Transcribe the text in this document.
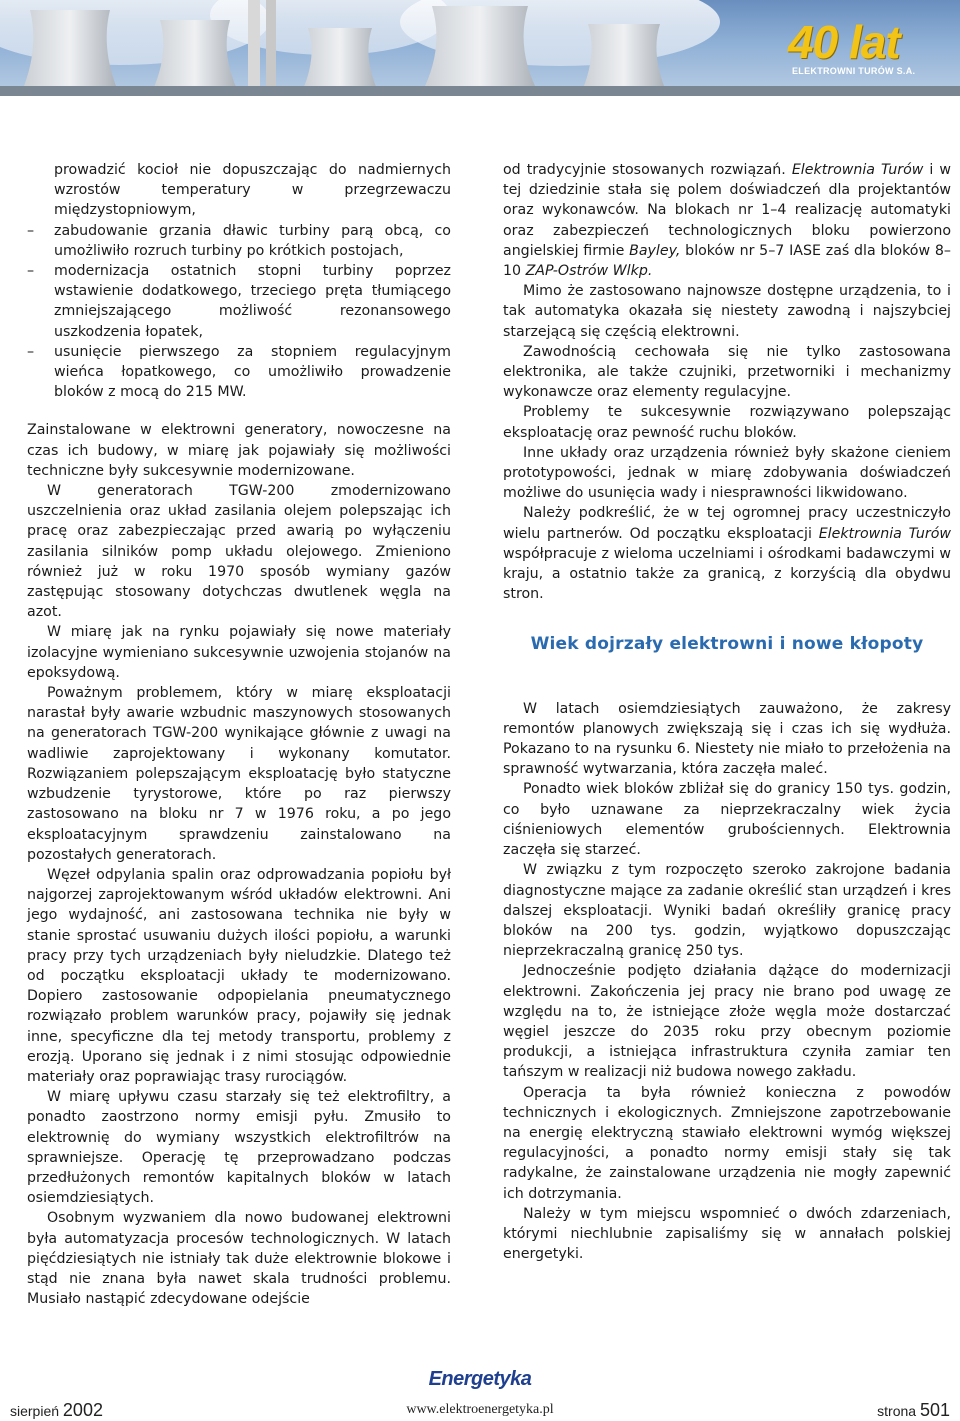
40 lat
ELEKTROWNI TURÓW S.A.
prowadzić kocioł nie dopuszczając do nadmiernych wzrostów temperatury w przegrzewaczu międzystopniowym,
– zabudowanie grzania dławic turbiny parą obcą, co umożliwiło rozruch turbiny po krótkich postojach,
– modernizacja ostatnich stopni turbiny poprzez wstawienie dodatkowego, trzeciego pręta tłumiącego zmniejszającego możliwość rezonansowego uszkodzenia łopatek,
– usunięcie pierwszego za stopniem regulacyjnym wieńca łopatkowego, co umożliwiło prowadzenie bloków z mocą do 215 MW.

Zainstalowane w elektrowni generatory, nowoczesne na czas ich budowy, w miarę jak pojawiały się możliwości techniczne były sukcesywnie modernizowane.

W generatorach TGW-200 zmodernizowano uszczelnienia oraz układ zasilania olejem polepszając ich pracę oraz zabezpieczając przed awarią po wyłączeniu zasilania silników pomp układu olejowego. Zmieniono również już w roku 1970 sposób wymiany gazów zastępując stosowany dotychczas dwutlenek węgla na azot.

W miarę jak na rynku pojawiały się nowe materiały izolacyjne wymieniano sukcesywnie uzwojenia stojanów na epoksydową.

Poważnym problemem, który w miarę eksploatacji narastał były awarie wzbudnic maszynowych stosowanych na generatorach TGW-200 wynikające głównie z uwagi na wadliwie zaprojektowany i wykonany komutator. Rozwiązaniem polepszającym eksploatację było statyczne wzbudzenie tyrystorowe, które po raz pierwszy zastosowano na bloku nr 7 w 1976 roku, a po jego eksploatacyjnym sprawdzeniu zainstalowano na pozostałych generatorach.

Węzeł odpylania spalin oraz odprowadzania popiołu był najgorzej zaprojektowanym wśród układów elektrowni. Ani jego wydajność, ani zastosowana technika nie były w stanie sprostać usuwaniu dużych ilości popiołu, a warunki pracy przy tych urządzeniach były nieludzkie. Dlatego też od początku eksploatacji układy te modernizowano. Dopiero zastosowanie odpopielania pneumatycznego rozwiązało problem warunków pracy, pojawiły się jednak inne, specyficzne dla tej metody transportu, problemy z erozją. Uporano się jednak i z nimi stosując odpowiednie materiały oraz poprawiając trasy rurociągów.

W miarę upływu czasu starzały się też elektrofiltry, a ponadto zaostrzono normy emisji pyłu. Zmusiło to elektrownię do wymiany wszystkich elektrofiltrów na sprawniejsze. Operację tę przeprowadzano podczas przedłużonych remontów kapitalnych bloków w latach osiemdziesiątych.

Osobnym wyzwaniem dla nowo budowanej elektrowni była automatyzacja procesów technologicznych. W latach pięćdziesiątych nie istniały tak duże elektrownie blokowe i stąd nie znana była nawet skala trudności problemu. Musiało nastąpić zdecydowane odejście

od tradycyjnie stosowanych rozwiązań. Elektrownia Turów i w tej dziedzinie stała się polem doświadczeń dla projektantów oraz wykonawców. Na blokach nr 1–4 realizację automatyki oraz zabezpieczeń technologicznych bloku powierzono angielskiej firmie Bayley, bloków nr 5–7 IASE zaś dla bloków 8–10 ZAP-Ostrów Wlkp.

Mimo że zastosowano najnowsze dostępne urządzenia, to i tak automatyka okazała się niestety zawodną i najszybciej starzejącą się częścią elektrowni.

Zawodnością cechowała się nie tylko zastosowana elektronika, ale także czujniki, przetworniki i mechanizmy wykonawcze oraz elementy regulacyjne.

Problemy te sukcesywnie rozwiązywano polepszając eksploatację oraz pewność ruchu bloków.

Inne układy oraz urządzenia również były skażone cieniem prototypowości, jednak w miarę zdobywania doświadczeń możliwe do usunięcia wady i niesprawności likwidowano.

Należy podkreślić, że w tej ogromnej pracy uczestniczyło wielu partnerów. Od początku eksploatacji Elektrownia Turów współpracuje z wieloma uczelniami i ośrodkami badawczymi w kraju, a ostatnio także za granicą, z korzyścią dla obydwu stron.

Wiek dojrzały elektrowni i nowe kłopoty

W latach osiemdziesiątych zauważono, że zakresy remontów planowych zwiększają się i czas ich się wydłuża. Pokazano to na rysunku 6. Niestety nie miało to przełożenia na sprawność wytwarzania, która zaczęła maleć.

Ponadto wiek bloków zbliżał się do granicy 150 tys. godzin, co było uznawane za nieprzekraczalny wiek życia ciśnieniowych elementów grubościennych. Elektrownia zaczęła się starzeć.

W związku z tym rozpoczęto szeroko zakrojone badania diagnostyczne mające za zadanie określić stan urządzeń i kres dalszej eksploatacji. Wyniki badań określiły granicę pracy bloków na 200 tys. godzin, wyjątkowo dopuszczając nieprzekraczalną granicę 250 tys.

Jednocześnie podjęto działania dążące do modernizacji elektrowni. Zakończenia jej pracy nie brano pod uwagę ze względu na to, że istniejące złoże węgla może dostarczać węgiel jeszcze do 2035 roku przy obecnym poziomie produkcji, a istniejąca infrastruktura czyniła zamiar ten tańszym w realizacji niż budowa nowego zakładu.

Operacja ta była również konieczna z powodów technicznych i ekologicznych. Zmniejszone zapotrzebowanie na energię elektryczną stawiało elektrowni wymóg większej regulacyjności, a ponadto normy emisji stały się tak radykalne, że zainstalowane urządzenia nie mogły zapewnić ich dotrzymania.

Należy w tym miejscu wspomnieć o dwóch zdarzeniach, którymi niechlubnie zapisaliśmy się w annałach polskiej energetyki.

sierpień 2002
Energetyka
www.elektroenergetyka.pl	strona 501
